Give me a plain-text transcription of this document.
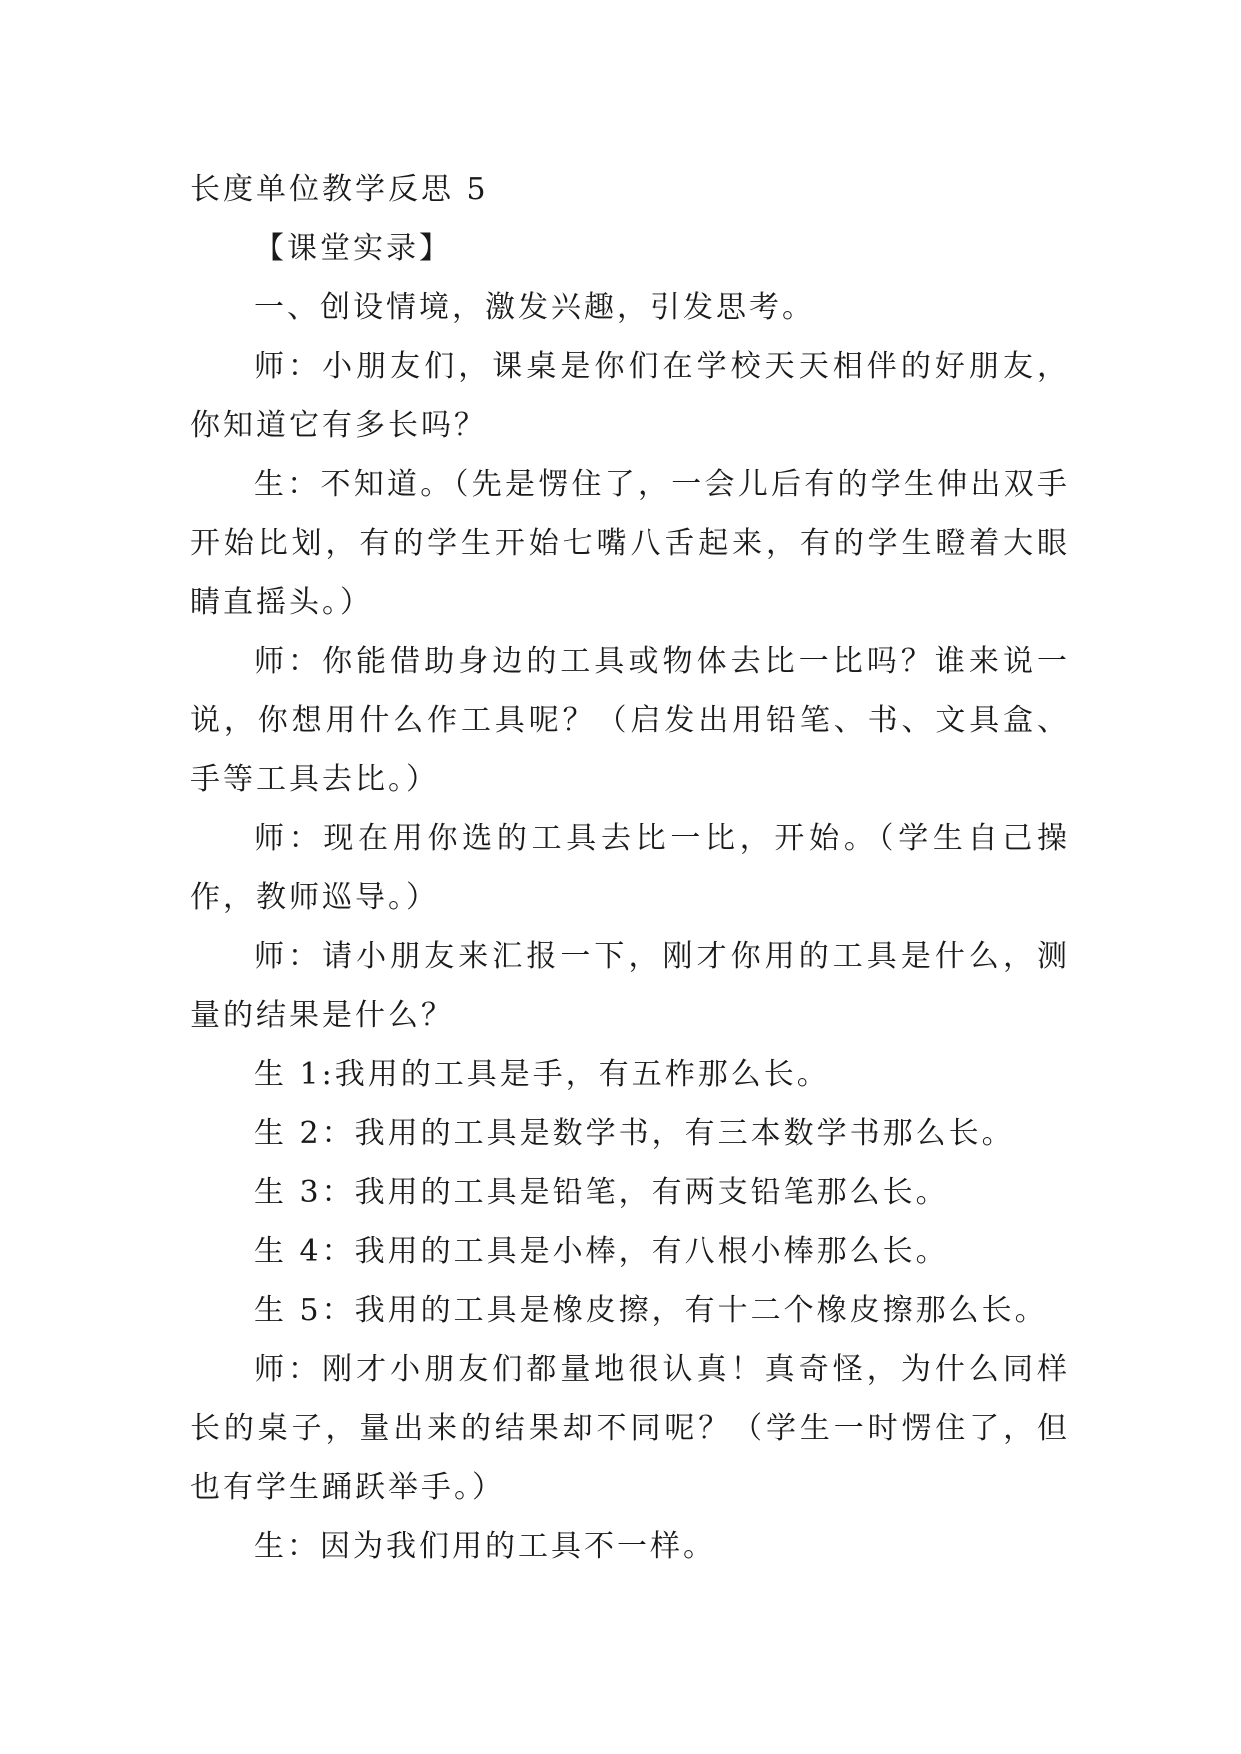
长度单位教学反思 5

【课堂实录】

一、创设情境，激发兴趣，引发思考。

师：小朋友们，课桌是你们在学校天天相伴的好朋友，你知道它有多长吗？

生：不知道。（先是愣住了，一会儿后有的学生伸出双手开始比划，有的学生开始七嘴八舌起来，有的学生瞪着大眼睛直摇头。）

师：你能借助身边的工具或物体去比一比吗？谁来说一说，你想用什么作工具呢？（启发出用铅笔、书、文具盒、手等工具去比。）

师：现在用你选的工具去比一比，开始。（学生自己操作，教师巡导。）

师：请小朋友来汇报一下，刚才你用的工具是什么，测量的结果是什么？

生 1:我用的工具是手，有五柞那么长。

生 2：我用的工具是数学书，有三本数学书那么长。

生 3：我用的工具是铅笔，有两支铅笔那么长。

生 4：我用的工具是小棒，有八根小棒那么长。

生 5：我用的工具是橡皮擦，有十二个橡皮擦那么长。

师：刚才小朋友们都量地很认真！真奇怪，为什么同样长的桌子，量出来的结果却不同呢？（学生一时愣住了，但也有学生踊跃举手。）

生：因为我们用的工具不一样。
